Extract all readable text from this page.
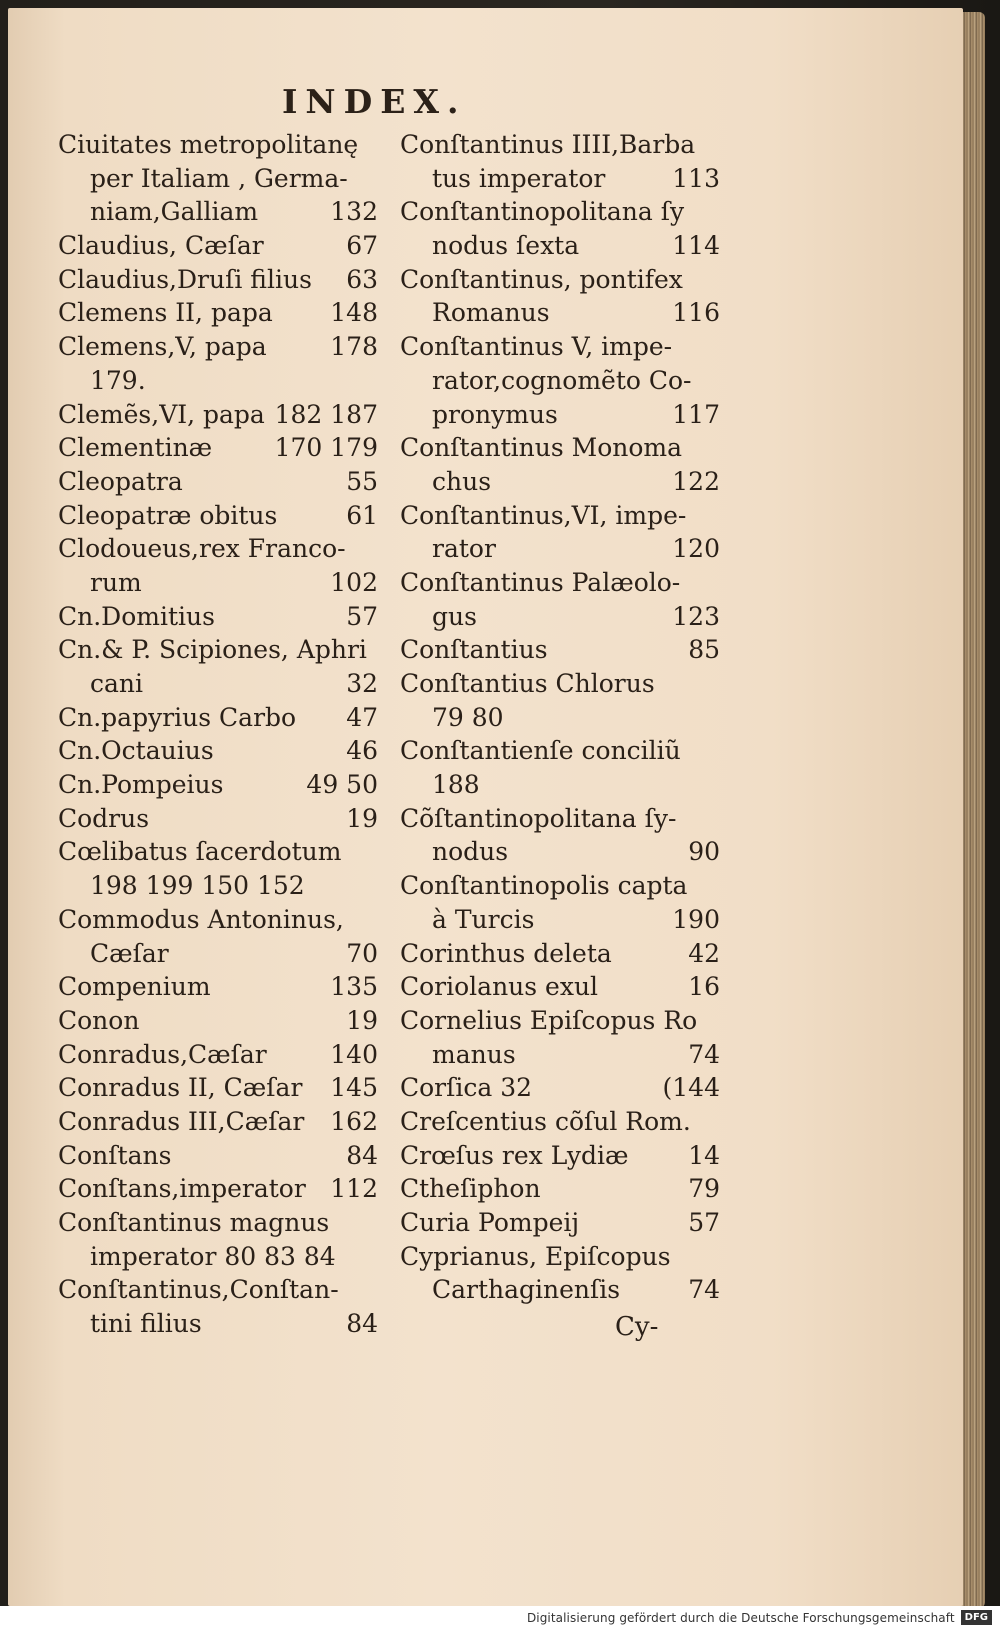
INDEX.
Ciuitates metropolitanę
per Italiam , Germa-
niam,Galliam	132
Claudius, Cæſar	67
Claudius,Druſi filius 63
Clemens II, papa 148
Clemens,V, papa	178
179.
Clemẽs,VI, papa 182 187
Clementinæ 170 179
Cleopatra	55
Cleopatræ obitus	61
Clodoueus,rex Franco-
rum	102
Cn.Domitius	57
Cn.& P. Scipiones, Aphri
cani	32
Cn.papyrius Carbo 47
Cn.Octauius	46
Cn.Pompeius	49 50
Codrus	19
Cœlibatus ſacerdotum
198 199 150 152
Commodus Antoninus,
Cæſar	70
Compenium	135
Conon	19
Conradus,Cæſar	140
Conradus II, Cæſar 145
Conradus III,Cæſar 162
Conſtans	84
Conſtans,imperator 112
Conſtantinus magnus
imperator 80 83 84
Conſtantinus,Conſtan-
tini filius	84
Conſtantinus IIII,Barba
tus imperator	113
Conſtantinopolitana ſy
nodus ſexta	114
Conſtantinus, pontifex
Romanus	116
Conſtantinus V, impe-
rator,cognomẽto Co-
pronymus	117
Conſtantinus Monoma
chus	122
Conſtantinus,VI, impe-
rator	120
Conſtantinus Palæolo-
gus	123
Conſtantius	85
Conſtantius Chlorus
79 80
Conſtantienſe conciliũ
188
Cõſtantinopolitana ſy-
nodus	90
Conſtantinopolis capta
à Turcis	190
Corinthus deleta	42
Coriolanus exul	16
Cornelius Epiſcopus Ro
manus	74
Corſica 32	(144
Creſcentius cõſul Rom.
Crœſus rex Lydiæ 14
Ctheſiphon	79
Curia Pompeij	57
Cyprianus, Epiſcopus
Carthaginenſis	74
Cy-
Digitalisierung gefördert durch die Deutsche Forschungsgemeinschaft	DFG
